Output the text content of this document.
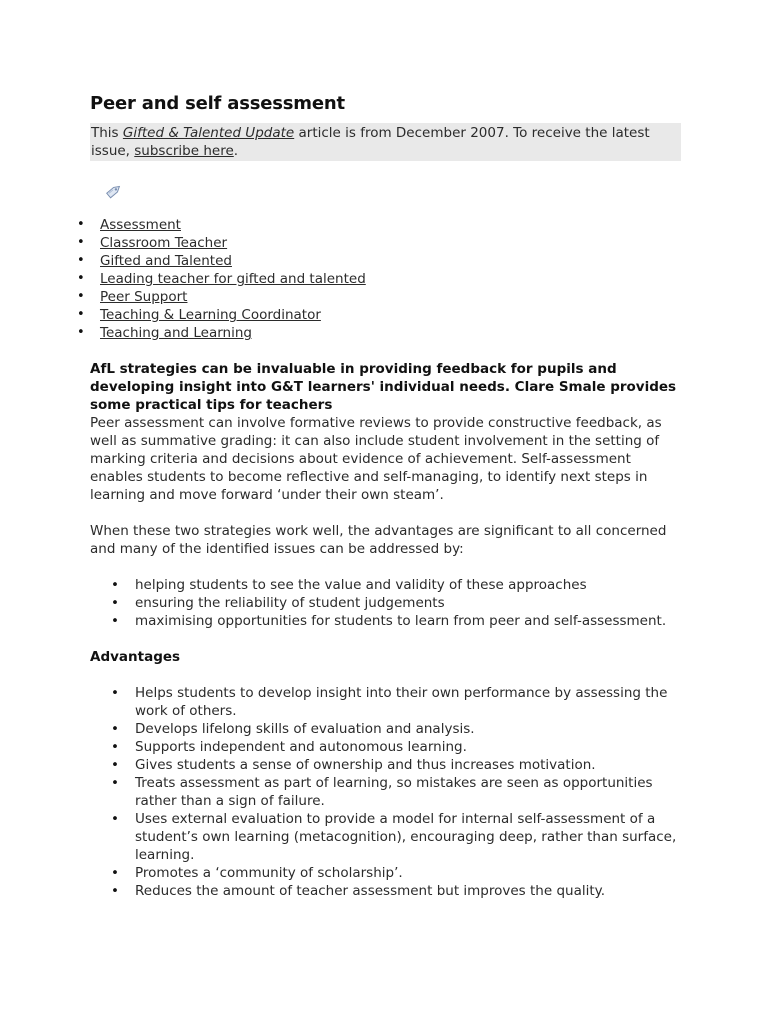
Peer and self assessment
This Gifted & Talented Update article is from December 2007. To receive the latest issue, subscribe here.
• Assessment
• Classroom Teacher
• Gifted and Talented
• Leading teacher for gifted and talented
• Peer Support
• Teaching & Learning Coordinator
• Teaching and Learning
AfL strategies can be invaluable in providing feedback for pupils and developing insight into G&T learners' individual needs. Clare Smale provides some practical tips for teachers

Peer assessment can involve formative reviews to provide constructive feedback, as well as summative grading: it can also include student involvement in the setting of marking criteria and decisions about evidence of achievement. Self-assessment enables students to become reflective and self-managing, to identify next steps in learning and move forward ‘under their own steam’.

When these two strategies work well, the advantages are significant to all concerned and many of the identified issues can be addressed by:

• helping students to see the value and validity of these approaches
• ensuring the reliability of student judgements
• maximising opportunities for students to learn from peer and self-assessment.
Advantages
• Helps students to develop insight into their own performance by assessing the work of others.
• Develops lifelong skills of evaluation and analysis.
• Supports independent and autonomous learning.
• Gives students a sense of ownership and thus increases motivation.
• Treats assessment as part of learning, so mistakes are seen as opportunities rather than a sign of failure.
• Uses external evaluation to provide a model for internal self-assessment of a student’s own learning (metacognition), encouraging deep, rather than surface, learning.
• Promotes a ‘community of scholarship’.
• Reduces the amount of teacher assessment but improves the quality.
